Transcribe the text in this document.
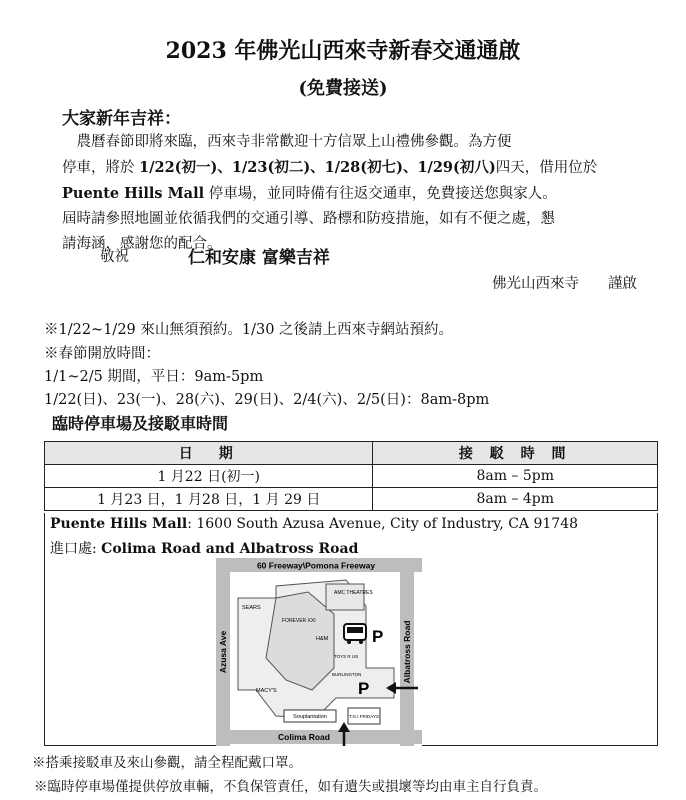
2023 年佛光山西來寺新春交通通啟
(免費接送)
大家新年吉祥：

　農曆春節即將來臨，西來寺非常歡迎十方信眾上山禮佛參觀。為方便

停車，將於 1/22(初一)、1/23(初二)、1/28(初七)、1/29(初八)四天，借用位於

Puente Hills Mall 停車場，並同時備有往返交通車，免費接送您與家人。

屆時請參照地圖並依循我們的交通引導、路標和防疫措施，如有不便之處，懇

請海涵，感謝您的配合。

敬祝	仁和安康 富樂吉祥
佛光山西來寺　　謹啟
※1/22~1/29 來山無須預約。1/30 之後請上西來寺網站預約。
※春節開放時間：
1/1~2/5 期間，平日：9am-5pm
1/22(日)、23(一)、28(六)、29(日)、2/4(六)、2/5(日)：8am-8pm
臨時停車場及接駁車時間
日　期	接 駁 時 間
1 月22 日(初一)	8am – 5pm
1 月23 日，1 月28 日，1 月 29 日	8am – 4pm
Puente Hills Mall: 1600 South Azusa Avenue, City of Industry, CA 91748
進口處: Colima Road and Albatross Road
60 Freeway\Pomona Freeway
Azusa Ave	Albatross Road
Colima Road
SEARS
AMC THEATRES
FOREVER XXI
H&M
TOYS R US
BURLINGTON
MACY'S
Souplantation	T.G.I FRIDAYS
P
P
※搭乘接駁車及來山參觀，請全程配戴口罩。
※臨時停車場僅提供停放車輛，不負保管責任，如有遺失或損壞等均由車主自行負責。
